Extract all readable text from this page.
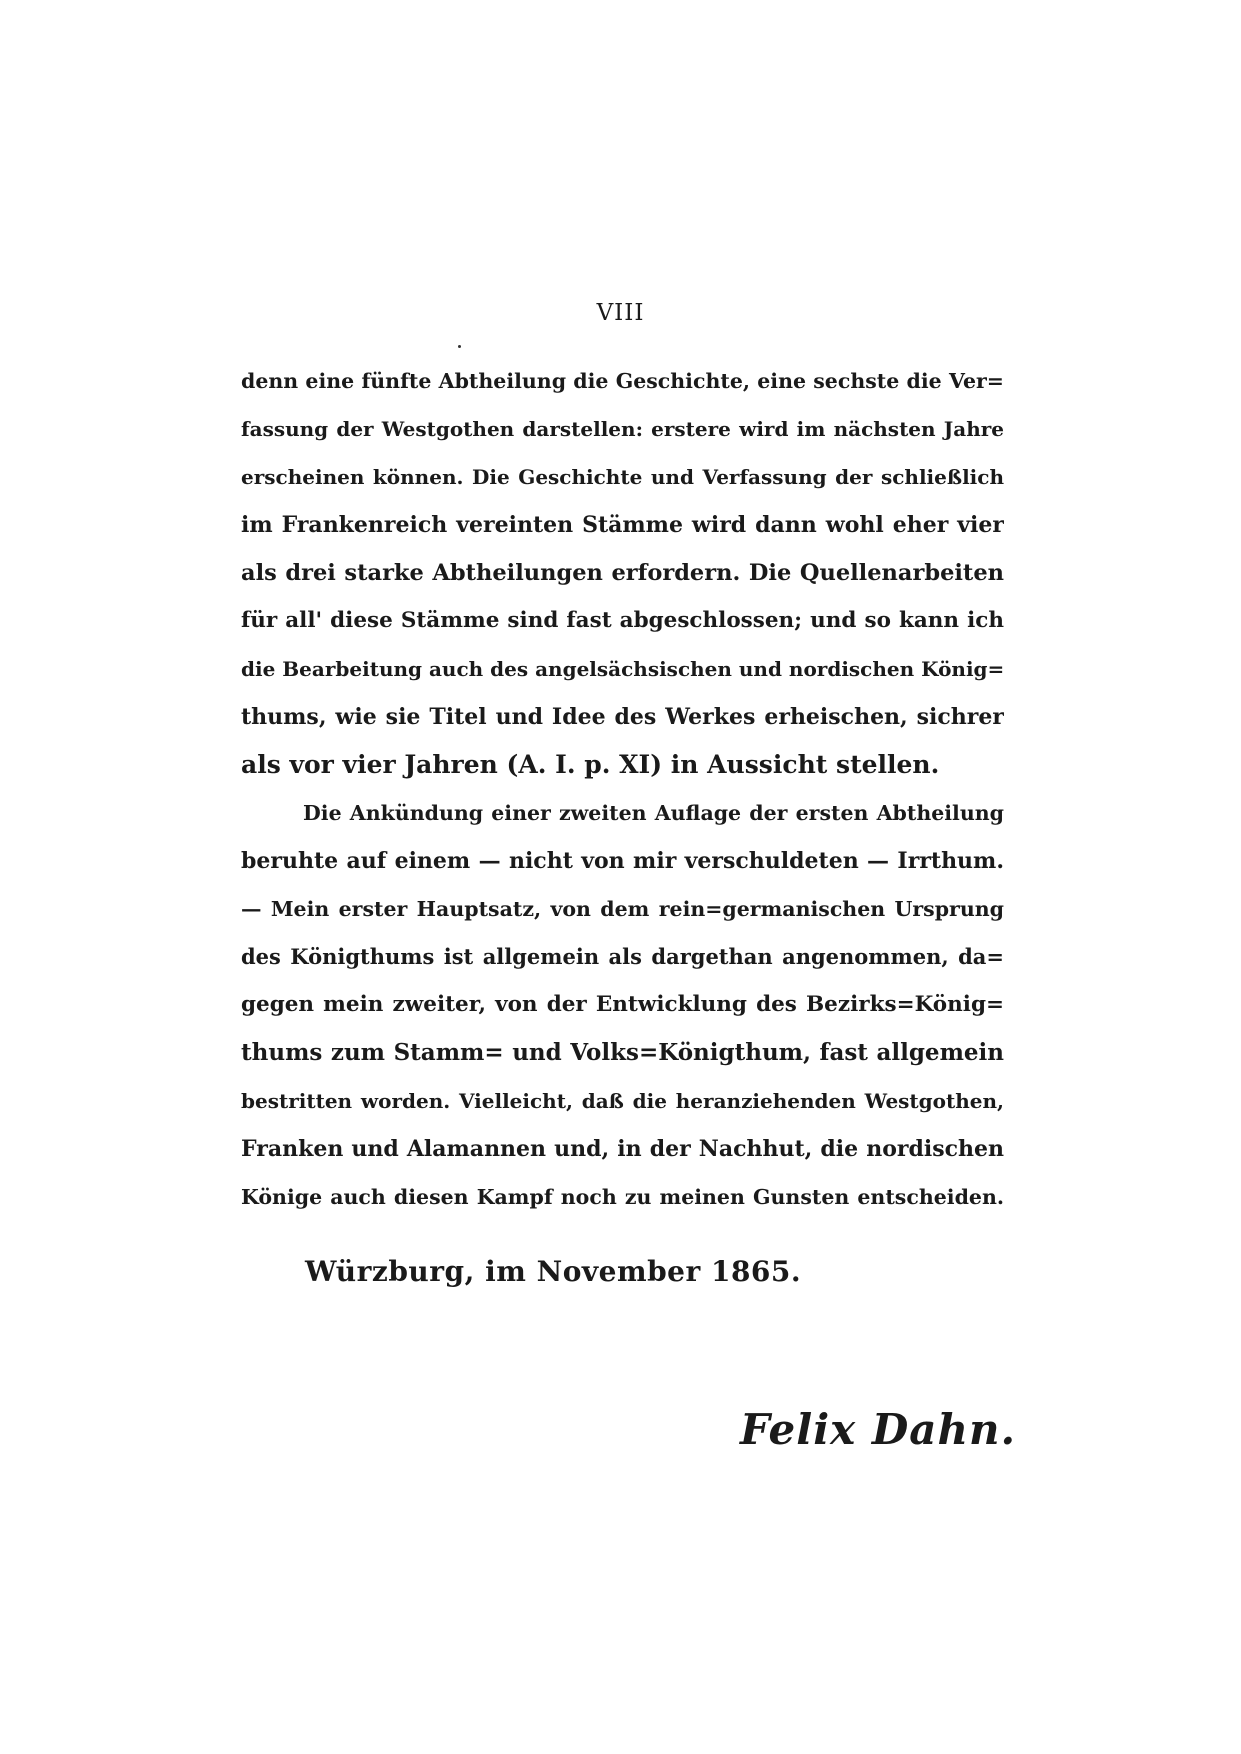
VIII
denn eine fünfte Abtheilung die Geschichte, eine sechste die Ver=
fassung der Westgothen darstellen: erstere wird im nächsten Jahre
erscheinen können. Die Geschichte und Verfassung der schließlich
im Frankenreich vereinten Stämme wird dann wohl eher vier
als drei starke Abtheilungen erfordern. Die Quellenarbeiten
für all' diese Stämme sind fast abgeschlossen; und so kann ich
die Bearbeitung auch des angelsächsischen und nordischen König=
thums, wie sie Titel und Idee des Werkes erheischen, sichrer
als vor vier Jahren (A. I. p. XI) in Aussicht stellen.
Die Ankündung einer zweiten Auflage der ersten Abtheilung
beruhte auf einem — nicht von mir verschuldeten — Irrthum.
— Mein erster Hauptsatz, von dem rein=germanischen Ursprung
des Königthums ist allgemein als dargethan angenommen, da=
gegen mein zweiter, von der Entwicklung des Bezirks=König=
thums zum Stamm= und Volks=Königthum, fast allgemein
bestritten worden. Vielleicht, daß die heranziehenden Westgothen,
Franken und Alamannen und, in der Nachhut, die nordischen
Könige auch diesen Kampf noch zu meinen Gunsten entscheiden.
Würzburg, im November 1865.
Felix Dahn.
